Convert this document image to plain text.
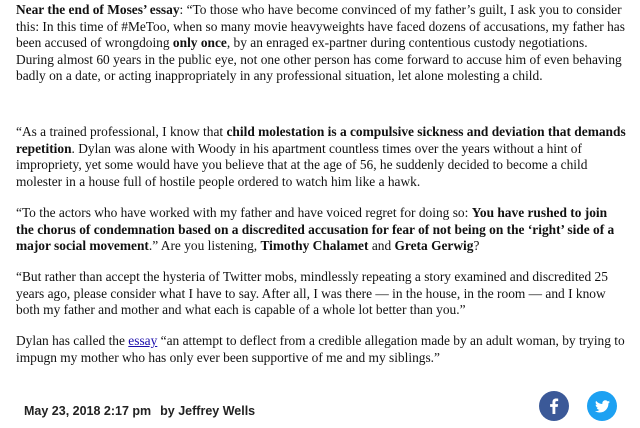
Near the end of Moses’ essay: “To those who have become convinced of my father’s guilt, I ask you to consider this: In this time of #MeToo, when so many movie heavyweights have faced dozens of accusations, my father has been accused of wrongdoing only once, by an enraged ex-partner during contentious custody negotiations. During almost 60 years in the public eye, not one other person has come forward to accuse him of even behaving badly on a date, or acting inappropriately in any professional situation, let alone molesting a child.

“As a trained professional, I know that child molestation is a compulsive sickness and deviation that demands repetition. Dylan was alone with Woody in his apartment countless times over the years without a hint of impropriety, yet some would have you believe that at the age of 56, he suddenly decided to become a child molester in a house full of hostile people ordered to watch him like a hawk.

“To the actors who have worked with my father and have voiced regret for doing so: You have rushed to join the chorus of condemnation based on a discredited accusation for fear of not being on the ‘right’ side of a major social movement.” Are you listening, Timothy Chalamet and Greta Gerwig?

“But rather than accept the hysteria of Twitter mobs, mindlessly repeating a story examined and discredited 25 years ago, please consider what I have to say. After all, I was there — in the house, in the room — and I know both my father and mother and what each is capable of a whole lot better than you.”

Dylan has called the essay “an attempt to deflect from a credible allegation made by an adult woman, by trying to impugn my mother who has only ever been supportive of me and my siblings.”

May 23, 2018 2:17 pm by Jeffrey Wells
